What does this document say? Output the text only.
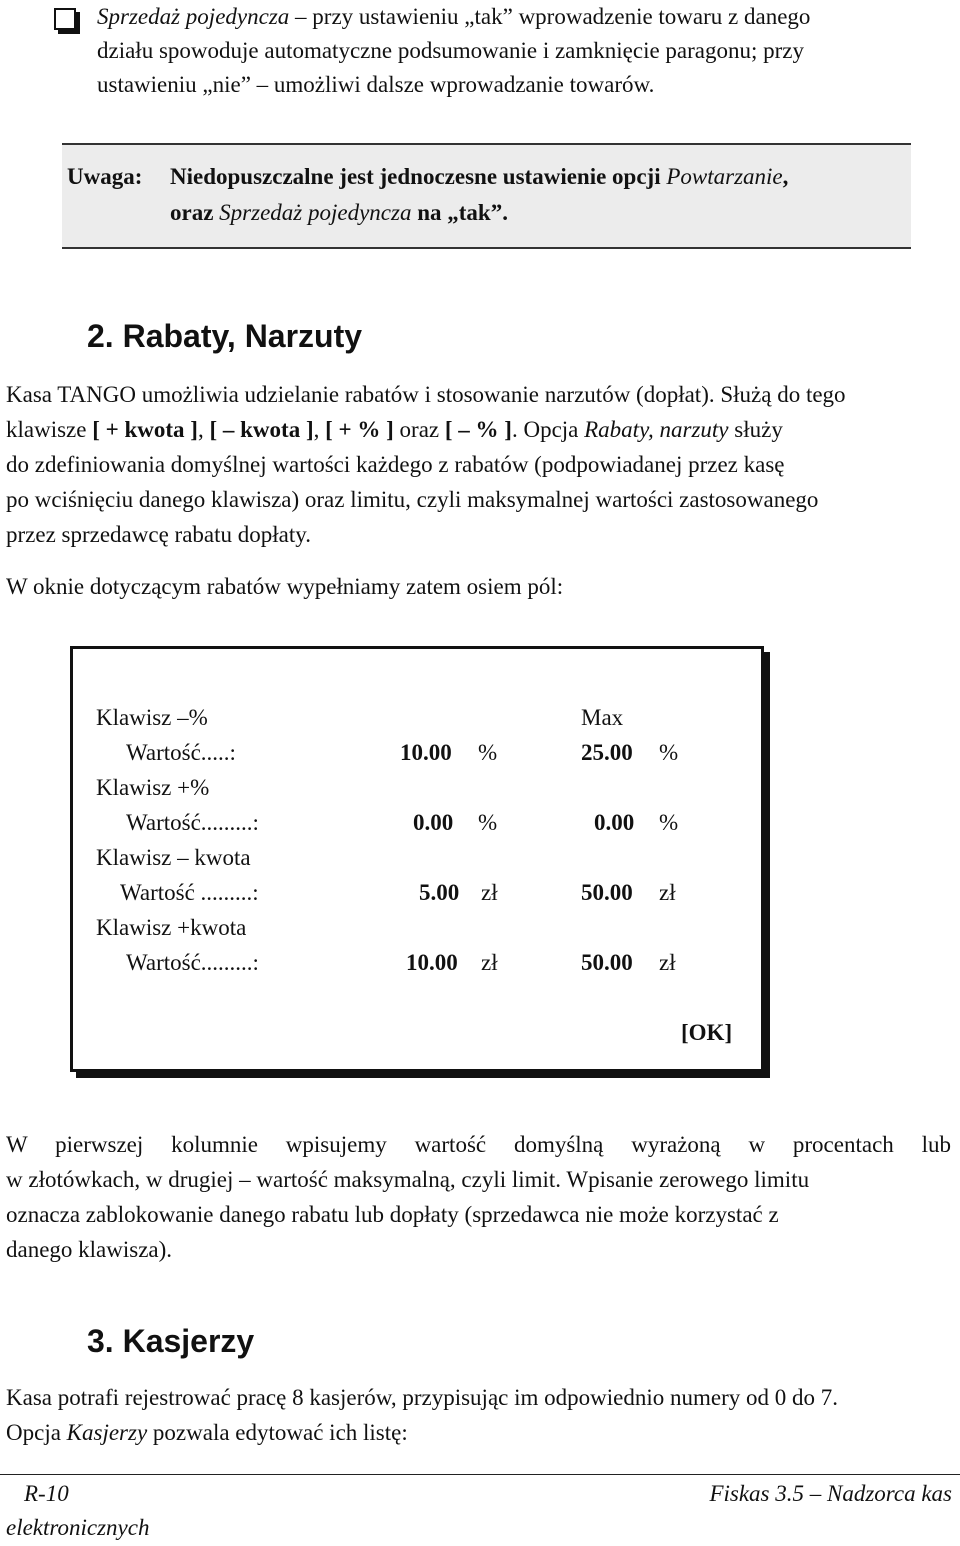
Sprzedaż pojedyncza – przy ustawieniu „tak” wprowadzenie towaru z danego
działu spowoduje automatyczne podsumowanie i zamknięcie paragonu; przy
ustawieniu „nie” – umożliwi dalsze wprowadzanie towarów.
Uwaga: Niedopuszczalne jest jednoczesne ustawienie opcji Powtarzanie,
oraz Sprzedaż pojedyncza na „tak”.
2. Rabaty, Narzuty
Kasa TANGO umożliwia udzielanie rabatów i stosowanie narzutów (dopłat). Służą do tego
klawisze [ + kwota ], [ – kwota ], [ + % ] oraz [ – % ]. Opcja Rabaty, narzuty służy
do zdefiniowania domyślnej wartości każdego z rabatów (podpowiadanej przez kasę
po wciśnięciu danego klawisza) oraz limitu, czyli maksymalnej wartości zastosowanego
przez sprzedawcę rabatu dopłaty.
W oknie dotyczącym rabatów wypełniamy zatem osiem pól:
Max
Klawisz –%
Wartość.....:	10.00 %	25.00 %
Klawisz +%
Wartość.........:	0.00 %	0.00 %
Klawisz – kwota
Wartość .........:	5.00 zł	50.00 zł
Klawisz +kwota
Wartość.........:	10.00 zł	50.00 zł
[OK]
W pierwszej kolumnie wpisujemy wartość domyślną wyrażoną w procentach lub
w złotówkach, w drugiej – wartość maksymalną, czyli limit. Wpisanie zerowego limitu
oznacza zablokowanie danego rabatu lub dopłaty (sprzedawca nie może korzystać z
danego klawisza).
3. Kasjerzy
Kasa potrafi rejestrować pracę 8 kasjerów, przypisując im odpowiednio numery od 0 do 7.
Opcja Kasjerzy pozwala edytować ich listę:
R-10	Fiskas 3.5 – Nadzorca kas
elektronicznych
